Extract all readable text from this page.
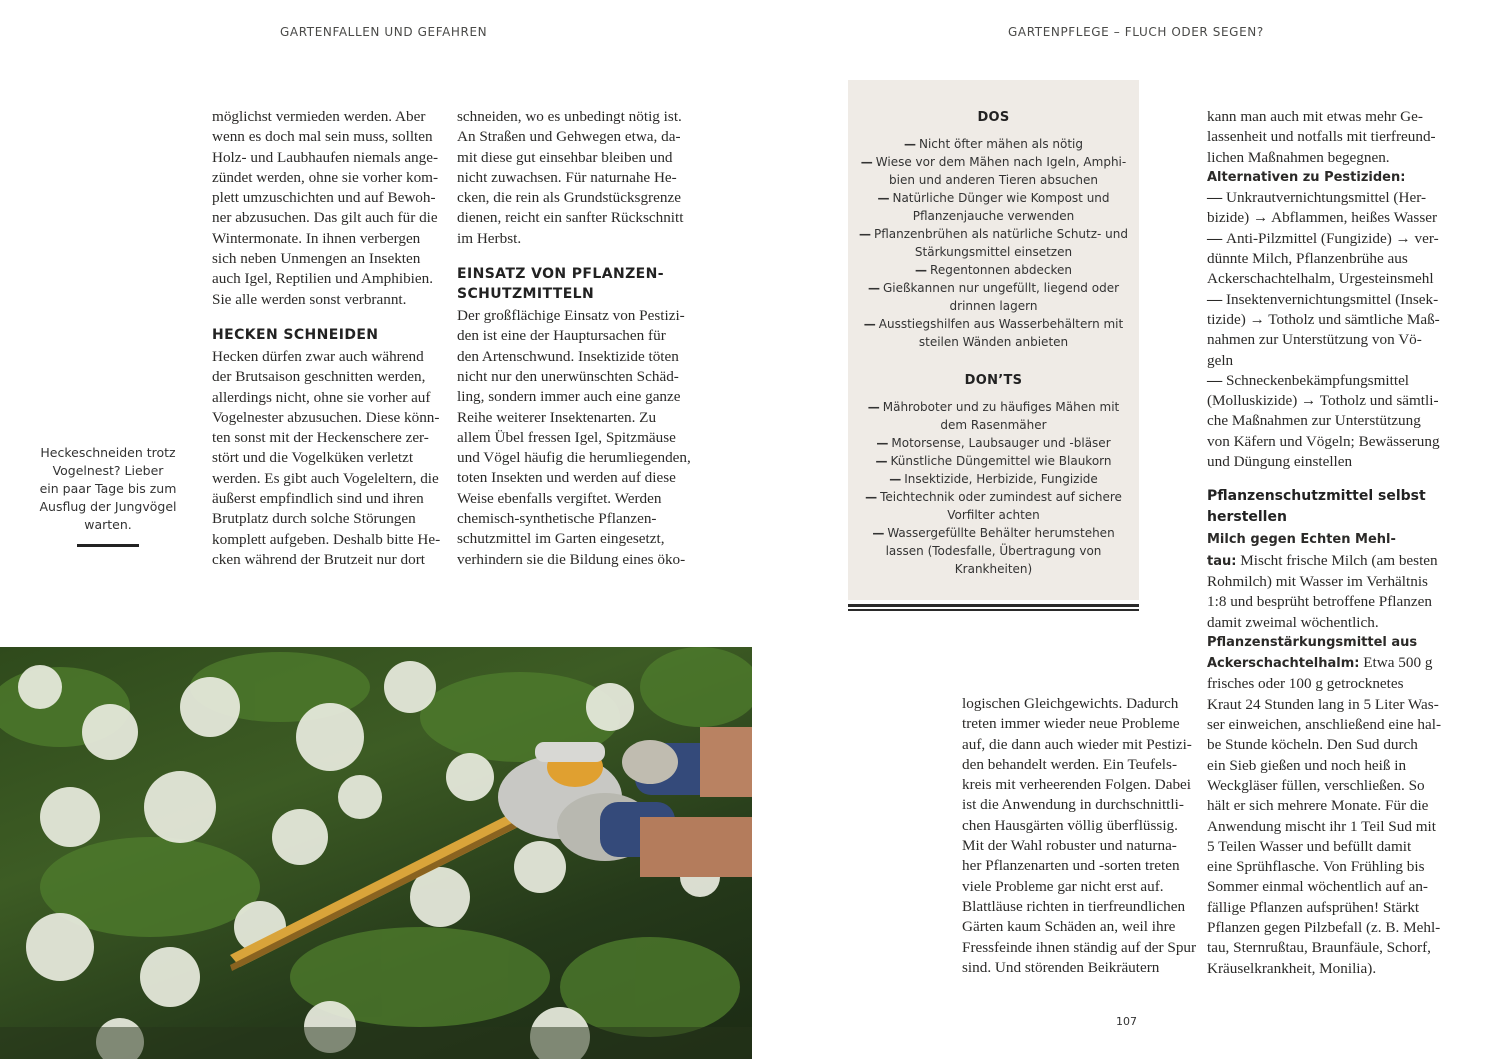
GARTENFALLEN UND GEFAHREN
möglichst vermieden werden. Aber
wenn es doch mal sein muss, sollten
Holz- und Laubhaufen niemals ange-
zündet werden, ohne sie vorher kom-
plett umzuschichten und auf Bewoh-
ner abzusuchen. Das gilt auch für die
Wintermonate. In ihnen verbergen
sich neben Unmengen an Insekten
auch Igel, Reptilien und Amphibien.
Sie alle werden sonst verbrannt.
HECKEN SCHNEIDEN
Hecken dürfen zwar auch während
der Brutsaison geschnitten werden,
allerdings nicht, ohne sie vorher auf
Vogelnester abzusuchen. Diese könn-
ten sonst mit der Heckenschere zer-
stört und die Vogelküken verletzt
werden. Es gibt auch Vogeleltern, die
äußerst empfindlich sind und ihren
Brutplatz durch solche Störungen
komplett aufgeben. Deshalb bitte He-
cken während der Brutzeit nur dort
schneiden, wo es unbedingt nötig ist.
An Straßen und Gehwegen etwa, da-
mit diese gut einsehbar bleiben und
nicht zuwachsen. Für naturnahe He-
cken, die rein als Grundstücksgrenze
dienen, reicht ein sanfter Rückschnitt
im Herbst.
EINSATZ VON PFLANZEN-
SCHUTZMITTELN
Der großflächige Einsatz von Pestizi-
den ist eine der Hauptursachen für
den Artenschwund. Insektizide töten
nicht nur den unerwünschten Schäd-
ling, sondern immer auch eine ganze
Reihe weiterer Insektenarten. Zu
allem Übel fressen Igel, Spitzmäuse
und Vögel häufig die herumliegenden,
toten Insekten und werden auf diese
Weise ebenfalls vergiftet. Werden
chemisch-synthetische Pflanzen-
schutzmittel im Garten eingesetzt,
verhindern sie die Bildung eines öko-
Heckeschneiden trotz
Vogelnest? Lieber
ein paar Tage bis zum
Ausflug der Jungvögel
warten.
GARTENPFLEGE – FLUCH ODER SEGEN?
DOS
— Nicht öfter mähen als nötig
— Wiese vor dem Mähen nach Igeln, Amphi-
bien und anderen Tieren absuchen
— Natürliche Dünger wie Kompost und
Pflanzenjauche verwenden
— Pflanzenbrühen als natürliche Schutz- und
Stärkungsmittel einsetzen
— Regentonnen abdecken
— Gießkannen nur ungefüllt, liegend oder
drinnen lagern
— Ausstiegshilfen aus Wasserbehältern mit
steilen Wänden anbieten
DON’TS
— Mähroboter und zu häufiges Mähen mit
dem Rasenmäher
— Motorsense, Laubsauger und -bläser
— Künstliche Düngemittel wie Blaukorn
— Insektizide, Herbizide, Fungizide
— Teichtechnik oder zumindest auf sichere
Vorfilter achten
— Wassergefüllte Behälter herumstehen
lassen (Todesfalle, Übertragung von
Krankheiten)
logischen Gleichgewichts. Dadurch
treten immer wieder neue Probleme
auf, die dann auch wieder mit Pestizi-
den behandelt werden. Ein Teufels-
kreis mit verheerenden Folgen. Dabei
ist die Anwendung in durchschnittli-
chen Hausgärten völlig überflüssig.
Mit der Wahl robuster und naturna-
her Pflanzenarten und -sorten treten
viele Probleme gar nicht erst auf.
Blattläuse richten in tierfreundlichen
Gärten kaum Schäden an, weil ihre
Fressfeinde ihnen ständig auf der Spur
sind. Und störenden Beikräutern
kann man auch mit etwas mehr Ge-
lassenheit und notfalls mit tierfreund-
lichen Maßnahmen begegnen.
Alternativen zu Pestiziden:
— Unkrautvernichtungsmittel (Her-
bizide) → Abflammen, heißes Wasser
— Anti-Pilzmittel (Fungizide) → ver-
dünnte Milch, Pflanzenbrühe aus
Ackerschachtelhalm, Urgesteinsmehl
— Insektenvernichtungsmittel (Insek-
tizide) → Totholz und sämtliche Maß-
nahmen zur Unterstützung von Vö-
geln
— Schneckenbekämpfungsmittel
(Molluskizide) → Totholz und sämtli-
che Maßnahmen zur Unterstützung
von Käfern und Vögeln; Bewässerung
und Düngung einstellen
Pflanzenschutzmittel selbst
herstellen
Milch gegen Echten Mehl-
tau: Mischt frische Milch (am besten
Rohmilch) mit Wasser im Verhältnis
1:8 und besprüht betroffene Pflanzen
damit zweimal wöchentlich.
Pflanzenstärkungsmittel aus
Ackerschachtelhalm: Etwa 500 g
frisches oder 100 g getrocknetes
Kraut 24 Stunden lang in 5 Liter Was-
ser einweichen, anschließend eine hal-
be Stunde köcheln. Den Sud durch
ein Sieb gießen und noch heiß in
Weckgläser füllen, verschließen. So
hält er sich mehrere Monate. Für die
Anwendung mischt ihr 1 Teil Sud mit
5 Teilen Wasser und befüllt damit
eine Sprühflasche. Von Frühling bis
Sommer einmal wöchentlich auf an-
fällige Pflanzen aufsprühen! Stärkt
Pflanzen gegen Pilzbefall (z. B. Mehl-
tau, Sternrußtau, Braunfäule, Schorf,
Kräuselkrankheit, Monilia).
107
